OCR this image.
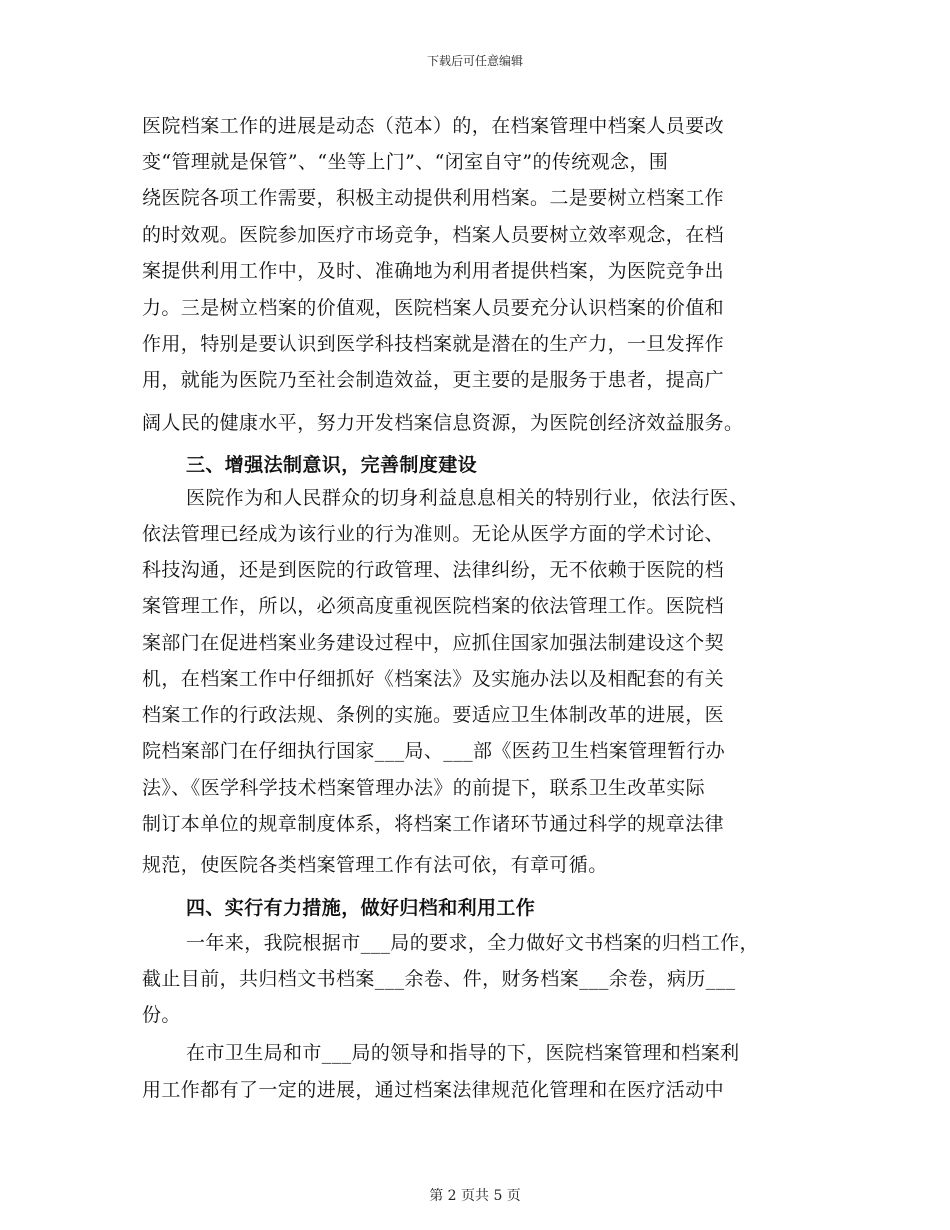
下载后可任意编辑
医院档案工作的进展是动态（范本）的，在档案管理中档案人员要改
变“管理就是保管”、“坐等上门”、“闭室自守”的传统观念，围
绕医院各项工作需要，积极主动提供利用档案。二是要树立档案工作
的时效观。医院参加医疗市场竞争，档案人员要树立效率观念，在档
案提供利用工作中，及时、准确地为利用者提供档案，为医院竞争出
力。三是树立档案的价值观，医院档案人员要充分认识档案的价值和
作用，特别是要认识到医学科技档案就是潜在的生产力，一旦发挥作
用，就能为医院乃至社会制造效益，更主要的是服务于患者，提高广
阔人民的健康水平，努力开发档案信息资源，为医院创经济效益服务。
三、增强法制意识，完善制度建设
医院作为和人民群众的切身利益息息相关的特别行业，依法行医、
依法管理已经成为该行业的行为准则。无论从医学方面的学术讨论、
科技沟通，还是到医院的行政管理、法律纠纷，无不依赖于医院的档
案管理工作，所以，必须高度重视医院档案的依法管理工作。医院档
案部门在促进档案业务建设过程中，应抓住国家加强法制建设这个契
机，在档案工作中仔细抓好《档案法》及实施办法以及相配套的有关
档案工作的行政法规、条例的实施。要适应卫生体制改革的进展，医
院档案部门在仔细执行国家___局、___部《医药卫生档案管理暂行办
法》、《医学科学技术档案管理办法》的前提下，联系卫生改革实际
制订本单位的规章制度体系，将档案工作诸环节通过科学的规章法律
规范，使医院各类档案管理工作有法可依，有章可循。
四、实行有力措施，做好归档和利用工作
一年来，我院根据市___局的要求，全力做好文书档案的归档工作，
截止目前，共归档文书档案___余卷、件，财务档案___余卷，病历___
份。
在市卫生局和市___局的领导和指导的下，医院档案管理和档案利
用工作都有了一定的进展，通过档案法律规范化管理和在医疗活动中
第 2 页共 5 页
